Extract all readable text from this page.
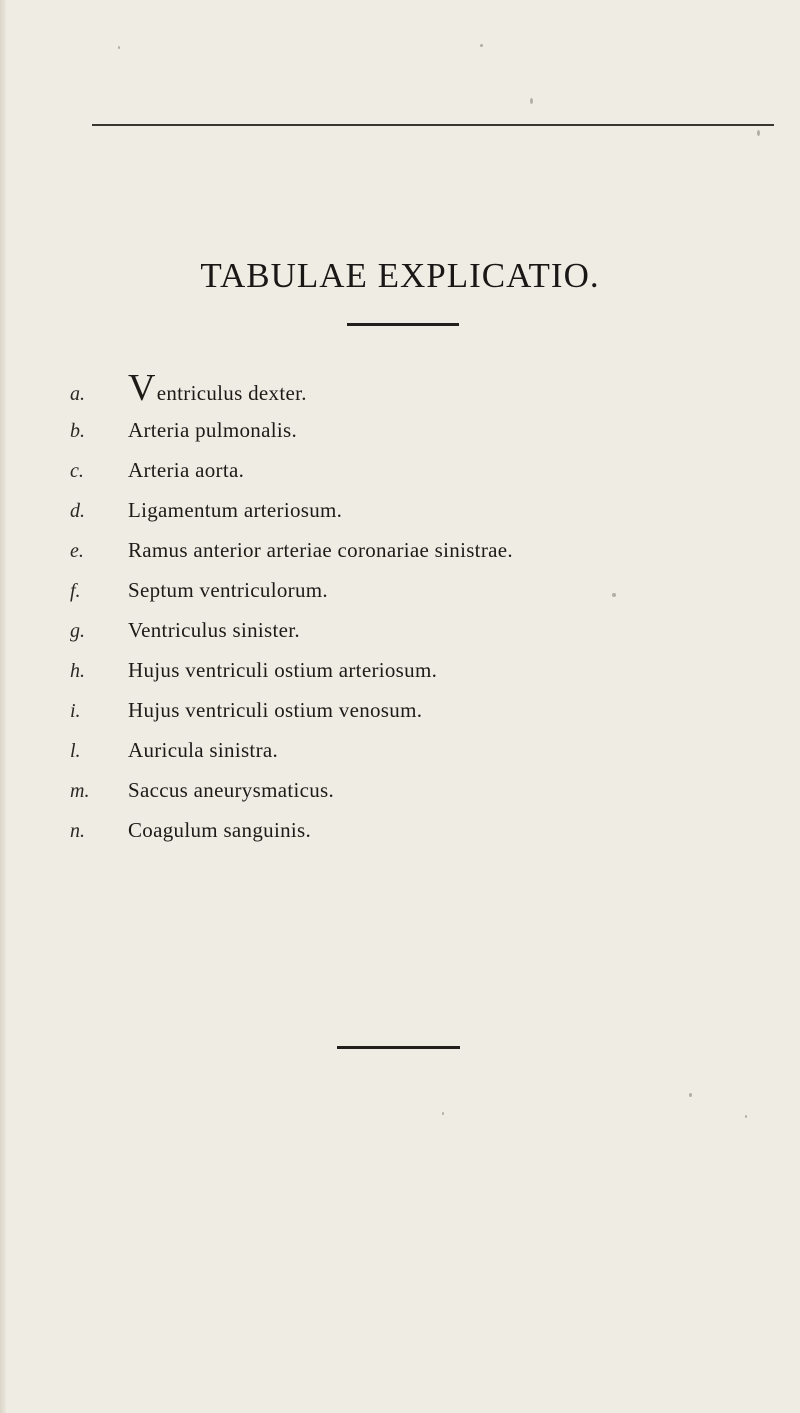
TABULAE EXPLICATIO.
a.	Ventriculus dexter.
b.	Arteria pulmonalis.
c.	Arteria aorta.
d.	Ligamentum arteriosum.
e.	Ramus anterior arteriae coronariae sinistrae.
f.	Septum ventriculorum.
g.	Ventriculus sinister.
h.	Hujus ventriculi ostium arteriosum.
i.	Hujus ventriculi ostium venosum.
l.	Auricula sinistra.
m.	Saccus aneurysmaticus.
n.	Coagulum sanguinis.
